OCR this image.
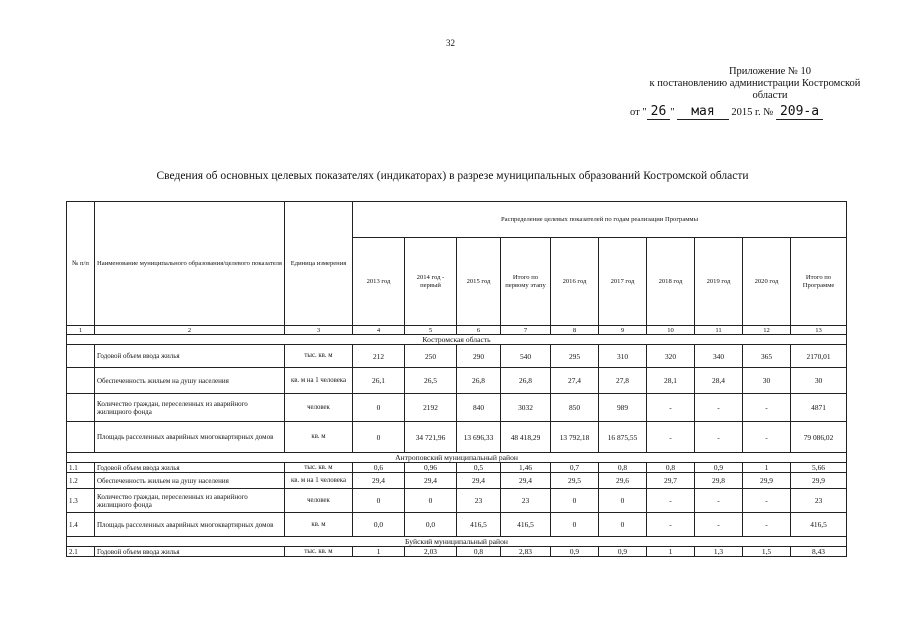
32
Приложение № 10
к постановлению администрации Костромской
области
от " 26 " мая 2015 г. № 209-а
Сведения об основных целевых показателях (индикаторах) в разрезе муниципальных образований Костромской области
№ п/п	Наименование муниципального образования/целевого показателя	Единица измерения	Распределение целевых показателей по годам реализации Программы									
			2013 год	2014 год - первый	2015 год	Итого по первому этапу	2016 год	2017 год	2018 год	2019 год	2020 год	Итого по Программе
1	2	3	4	5	6	7	8	9	10	11	12	13
Костромская область												
	Годовой объем ввода жилья	тыс. кв. м	212	250	290	540	295	310	320	340	365	2170,01
	Обеспеченность жильем на душу населения	кв. м на 1 человека	26,1	26,5	26,8	26,8	27,4	27,8	28,1	28,4	30	30
	Количество граждан, переселенных из аварийного жилищного фонда	человек	0	2192	840	3032	850	989	-	-	-	4871
	Площадь расселенных аварийных многоквартирных домов	кв. м	0	34 721,96	13 696,33	48 418,29	13 792,18	16 875,55	-	-	-	79 086,02
Антроповский муниципальный район												
1.1	Годовой объем ввода жилья	тыс. кв. м	0,6	0,96	0,5	1,46	0,7	0,8	0,8	0,9	1	5,66
1.2	Обеспеченность жильем на душу населения	кв. м на 1 человека	29,4	29,4	29,4	29,4	29,5	29,6	29,7	29,8	29,9	29,9
1.3	Количество граждан, переселенных из аварийного жилищного фонда	человек	0	0	23	23	0	0	-	-	-	23
1.4	Площадь расселенных аварийных многоквартирных домов	кв. м	0,0	0,0	416,5	416,5	0	0	-	-	-	416,5
Буйский муниципальный район												
2.1	Годовой объем ввода жилья	тыс. кв. м	1	2,03	0,8	2,83	0,9	0,9	1	1,3	1,5	8,43
